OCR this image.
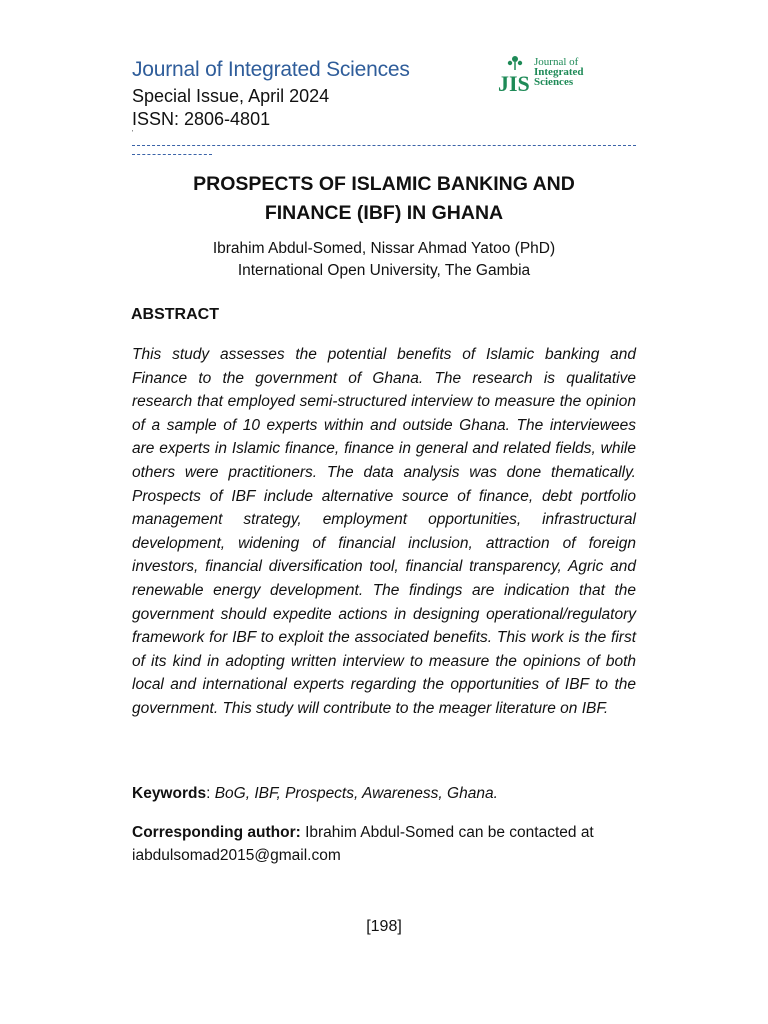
Journal of Integrated Sciences
Special Issue, April 2024
ISSN: 2806-4801
'
JIS
Journal of
Integrated
Sciences
PROSPECTS OF ISLAMIC BANKING AND
FINANCE (IBF) IN GHANA
Ibrahim Abdul-Somed, Nissar Ahmad Yatoo (PhD)
International Open University, The Gambia
ABSTRACT

This study assesses the potential benefits of Islamic banking and Finance to the government of Ghana. The research is qualitative research that employed semi-structured interview to measure the opinion of a sample of 10 experts within and outside Ghana. The interviewees are experts in Islamic finance, finance in general and related fields, while others were practitioners. The data analysis was done thematically. Prospects of IBF include alternative source of finance, debt portfolio management strategy, employment opportunities, infrastructural development, widening of financial inclusion, attraction of foreign investors, financial diversification tool, financial transparency, Agric and renewable energy development. The findings are indication that the government should expedite actions in designing operational/regulatory framework for IBF to exploit the associated benefits. This work is the first of its kind in adopting written interview to measure the opinions of both local and international experts regarding the opportunities of IBF to the government. This study will contribute to the meager literature on IBF.

Keywords: BoG, IBF, Prospects, Awareness, Ghana.

Corresponding author: Ibrahim Abdul-Somed can be contacted at iabdulsomad2015@gmail.com

[198]
